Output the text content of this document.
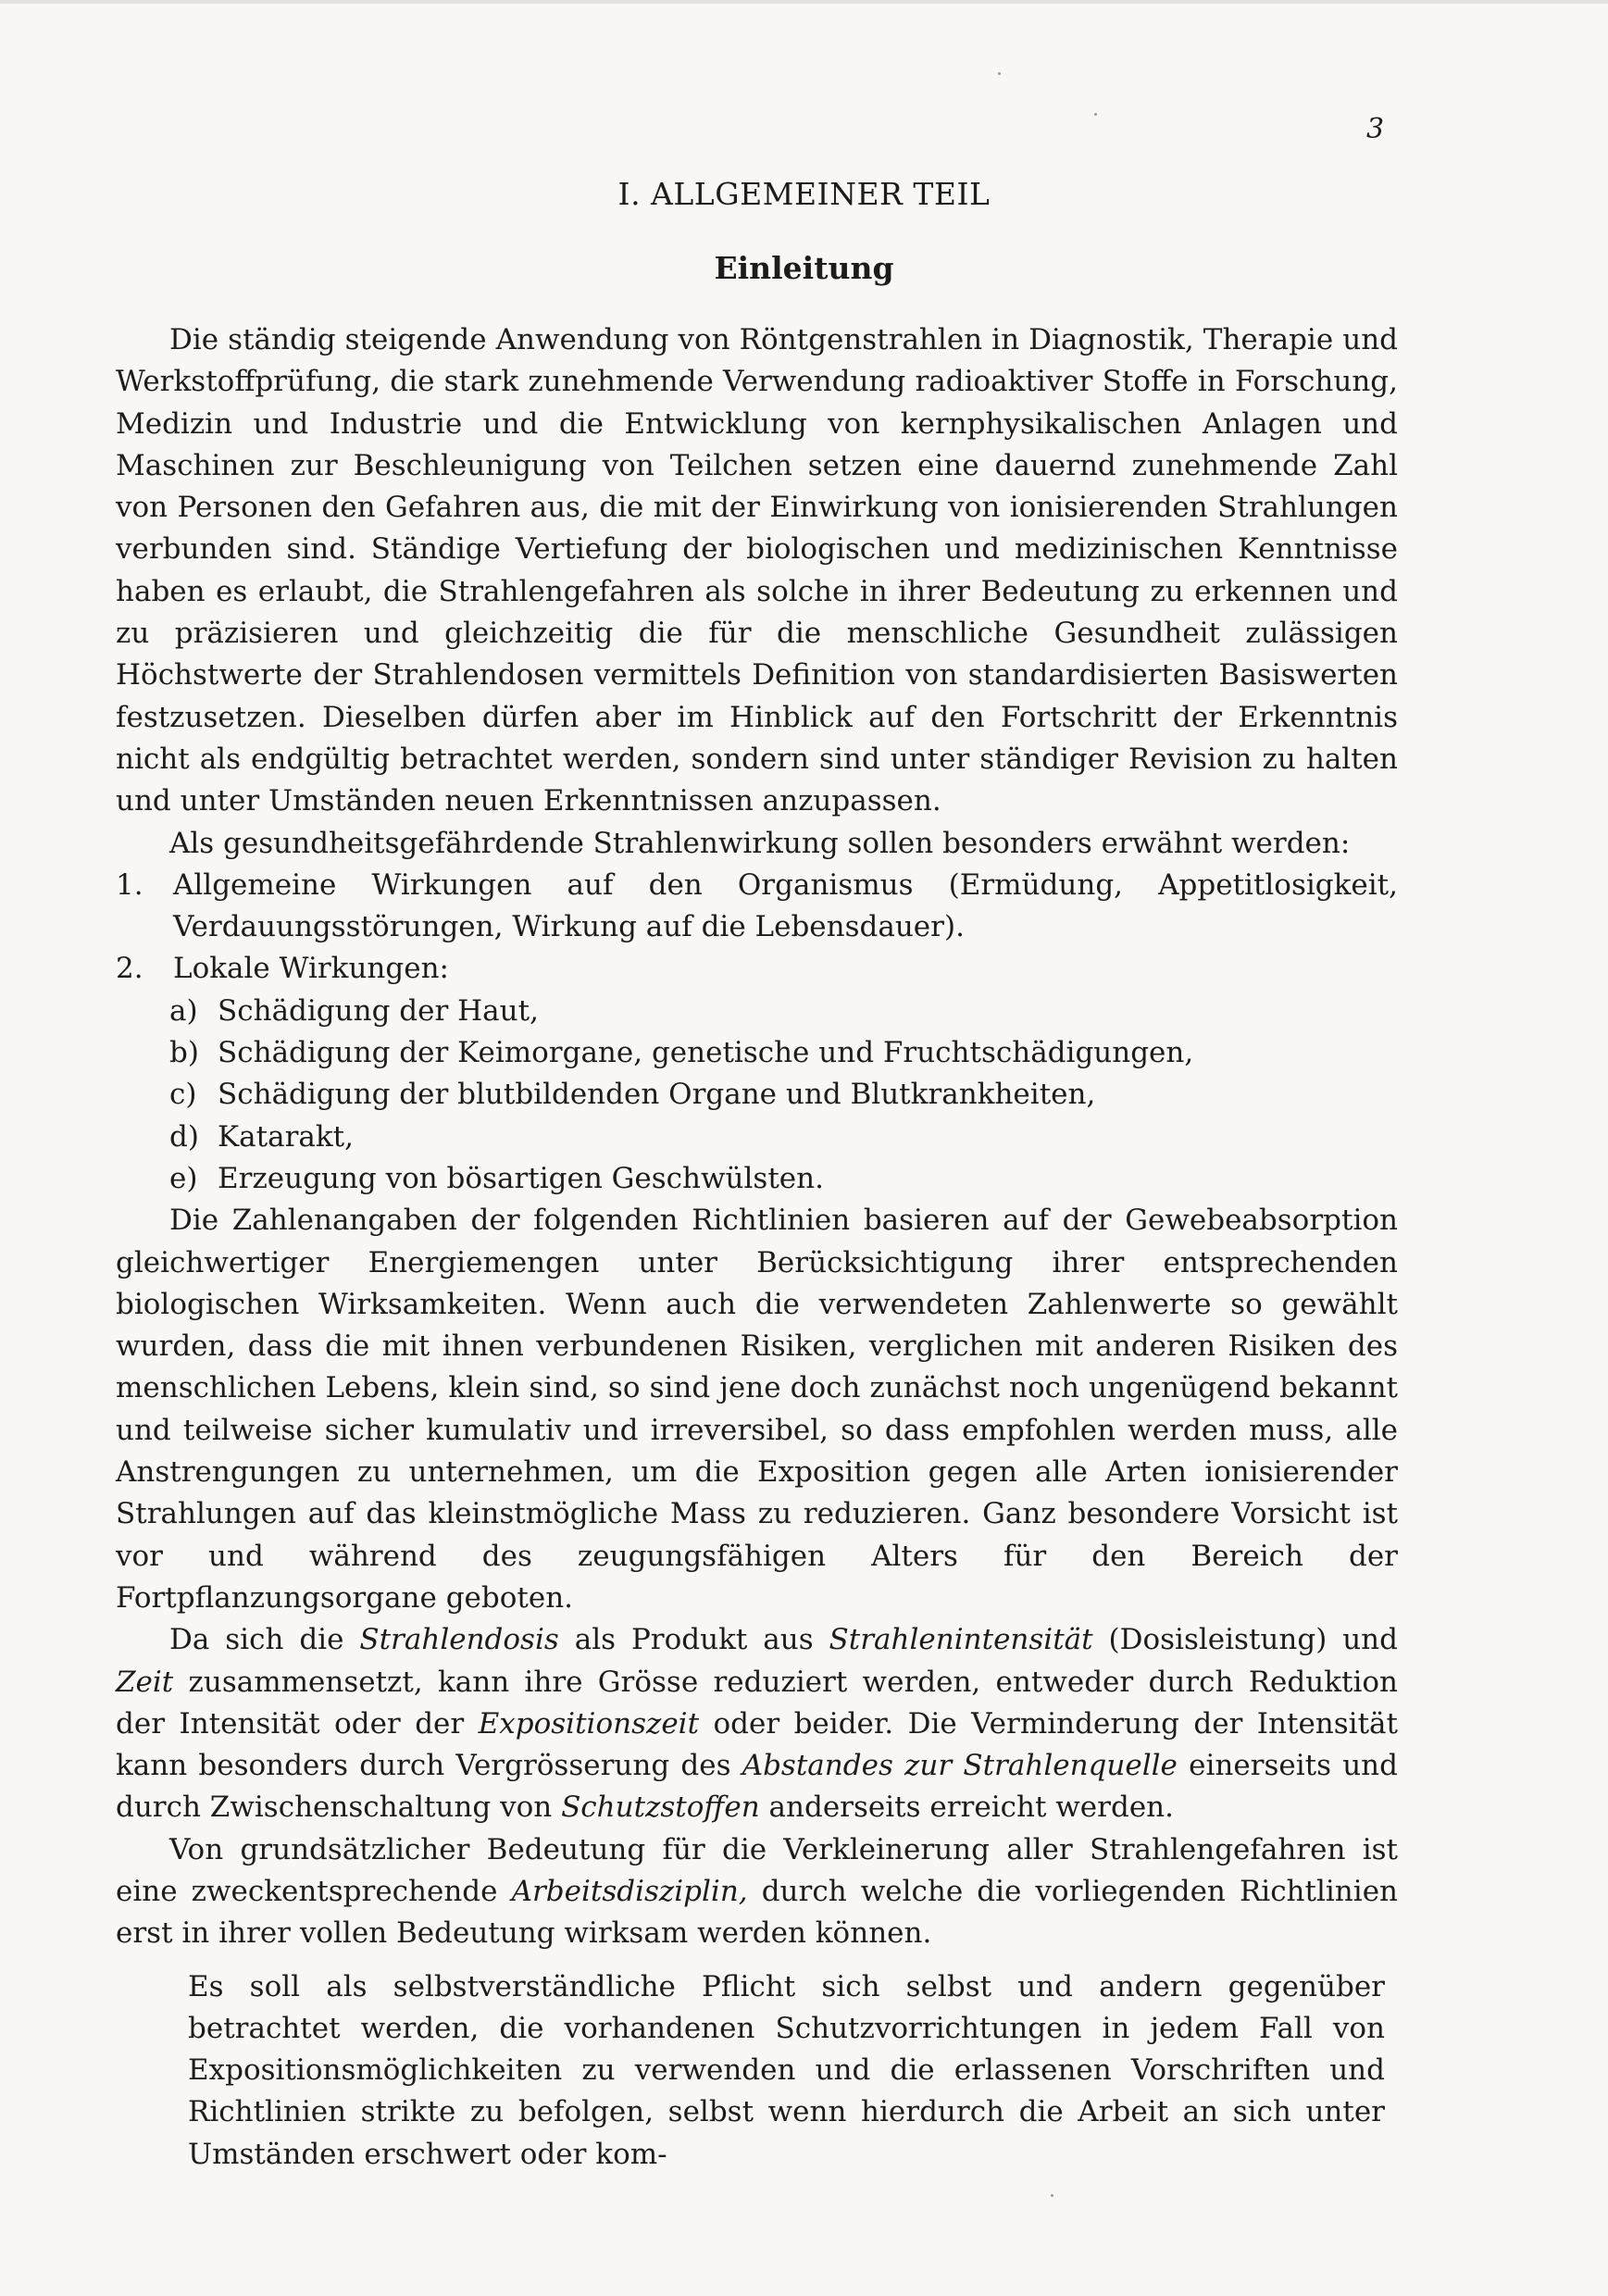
3
I. ALLGEMEINER TEIL
Einleitung

Die ständig steigende Anwendung von Röntgenstrahlen in Diagnostik, Therapie und Werkstoffprüfung, die stark zunehmende Verwendung radioaktiver Stoffe in Forschung, Medizin und Industrie und die Entwicklung von kernphysikalischen Anlagen und Maschinen zur Beschleunigung von Teilchen setzen eine dauernd zunehmende Zahl von Personen den Gefahren aus, die mit der Einwirkung von ionisierenden Strahlungen verbunden sind. Ständige Vertiefung der biologischen und medizinischen Kenntnisse haben es erlaubt, die Strahlengefahren als solche in ihrer Bedeutung zu erkennen und zu präzisieren und gleichzeitig die für die menschliche Gesundheit zulässigen Höchstwerte der Strahlendosen vermittels Definition von standardisierten Basiswerten festzusetzen. Dieselben dürfen aber im Hinblick auf den Fortschritt der Erkenntnis nicht als endgültig betrachtet werden, sondern sind unter ständiger Revision zu halten und unter Umständen neuen Erkenntnissen anzupassen.

Als gesundheitsgefährdende Strahlenwirkung sollen besonders erwähnt werden:

1.	Allgemeine Wirkungen auf den Organismus (Ermüdung, Appetitlosigkeit, Verdauungsstörungen, Wirkung auf die Lebensdauer).
2.	Lokale Wirkungen:
a) Schädigung der Haut,
b) Schädigung der Keimorgane, genetische und Fruchtschädigungen,
c) Schädigung der blutbildenden Organe und Blutkrankheiten,
d) Katarakt,
e) Erzeugung von bösartigen Geschwülsten.

Die Zahlenangaben der folgenden Richtlinien basieren auf der Gewebeabsorption gleichwertiger Energiemengen unter Berücksichtigung ihrer entsprechenden biologischen Wirksamkeiten. Wenn auch die verwendeten Zahlenwerte so gewählt wurden, dass die mit ihnen verbundenen Risiken, verglichen mit anderen Risiken des menschlichen Lebens, klein sind, so sind jene doch zunächst noch ungenügend bekannt und teilweise sicher kumulativ und irreversibel, so dass empfohlen werden muss, alle Anstrengungen zu unternehmen, um die Exposition gegen alle Arten ionisierender Strahlungen auf das kleinstmögliche Mass zu reduzieren. Ganz besondere Vorsicht ist vor und während des zeugungsfähigen Alters für den Bereich der Fortpflanzungsorgane geboten.

Da sich die Strahlendosis als Produkt aus Strahlenintensität (Dosisleistung) und Zeit zusammensetzt, kann ihre Grösse reduziert werden, entweder durch Reduktion der Intensität oder der Expositionszeit oder beider. Die Verminderung der Intensität kann besonders durch Vergrösserung des Abstandes zur Strahlenquelle einerseits und durch Zwischenschaltung von Schutzstoffen anderseits erreicht werden.

Von grundsätzlicher Bedeutung für die Verkleinerung aller Strahlengefahren ist eine zweckentsprechende Arbeitsdisziplin, durch welche die vorliegenden Richtlinien erst in ihrer vollen Bedeutung wirksam werden können.

Es soll als selbstverständliche Pflicht sich selbst und andern gegenüber betrachtet werden, die vorhandenen Schutzvorrichtungen in jedem Fall von Expositionsmöglichkeiten zu verwenden und die erlassenen Vorschriften und Richtlinien strikte zu befolgen, selbst wenn hierdurch die Arbeit an sich unter Umständen erschwert oder kom-
